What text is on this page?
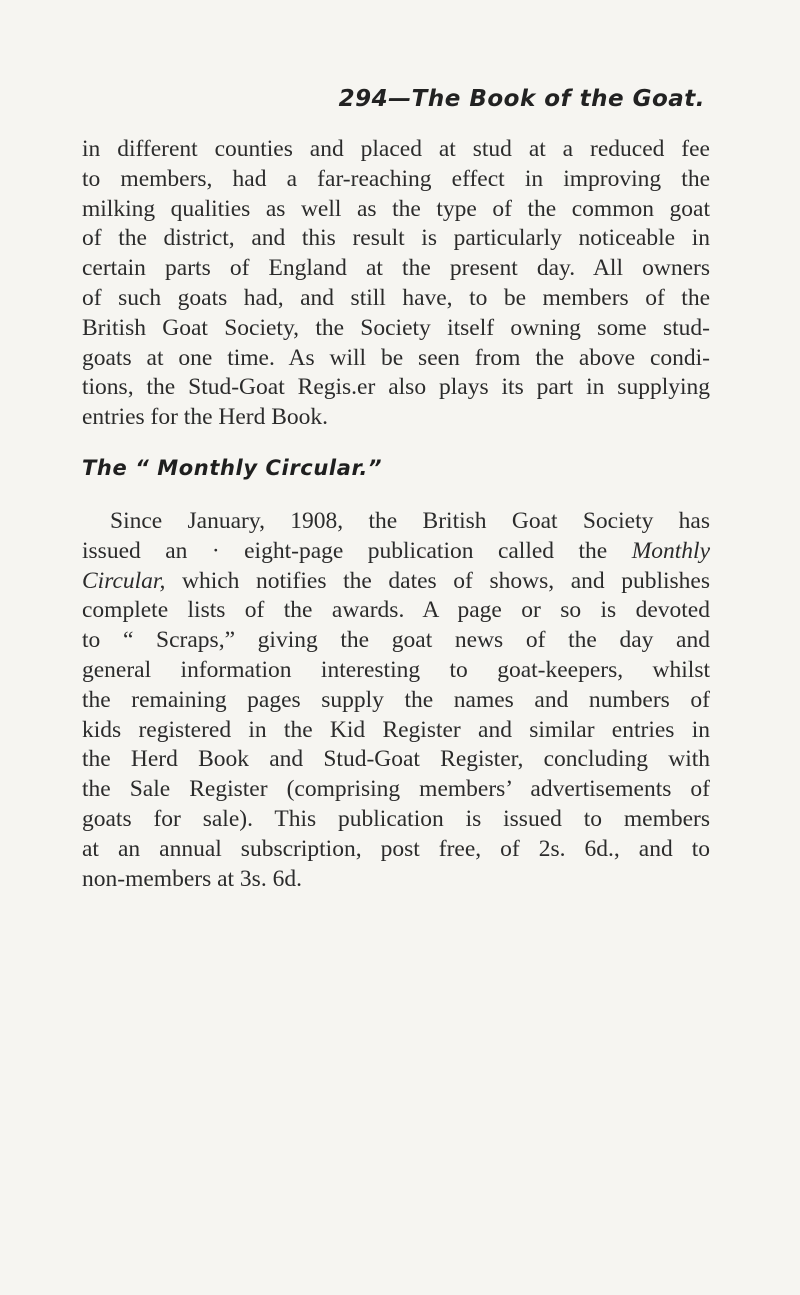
294—The Book of the Goat.
in different counties and placed at stud at a reduced fee
to members, had a far-reaching effect in improving the
milking qualities as well as the type of the common goat
of the district, and this result is particularly noticeable in
certain parts of England at the present day. All owners
of such goats had, and still have, to be members of the
British Goat Society, the Society itself owning some stud-
goats at one time. As will be seen from the above condi-
tions, the Stud-Goat Regis.er also plays its part in supplying
entries for the Herd Book.
The “ Monthly Circular.”
Since January, 1908, the British Goat Society has
issued an · eight-page publication called the Monthly
Circular, which notifies the dates of shows, and publishes
complete lists of the awards. A page or so is devoted
to “ Scraps,” giving the goat news of the day and
general information interesting to goat-keepers, whilst
the remaining pages supply the names and numbers of
kids registered in the Kid Register and similar entries in
the Herd Book and Stud-Goat Register, concluding with
the Sale Register (comprising members’ advertisements of
goats for sale). This publication is issued to members
at an annual subscription, post free, of 2s. 6d., and to
non-members at 3s. 6d.
